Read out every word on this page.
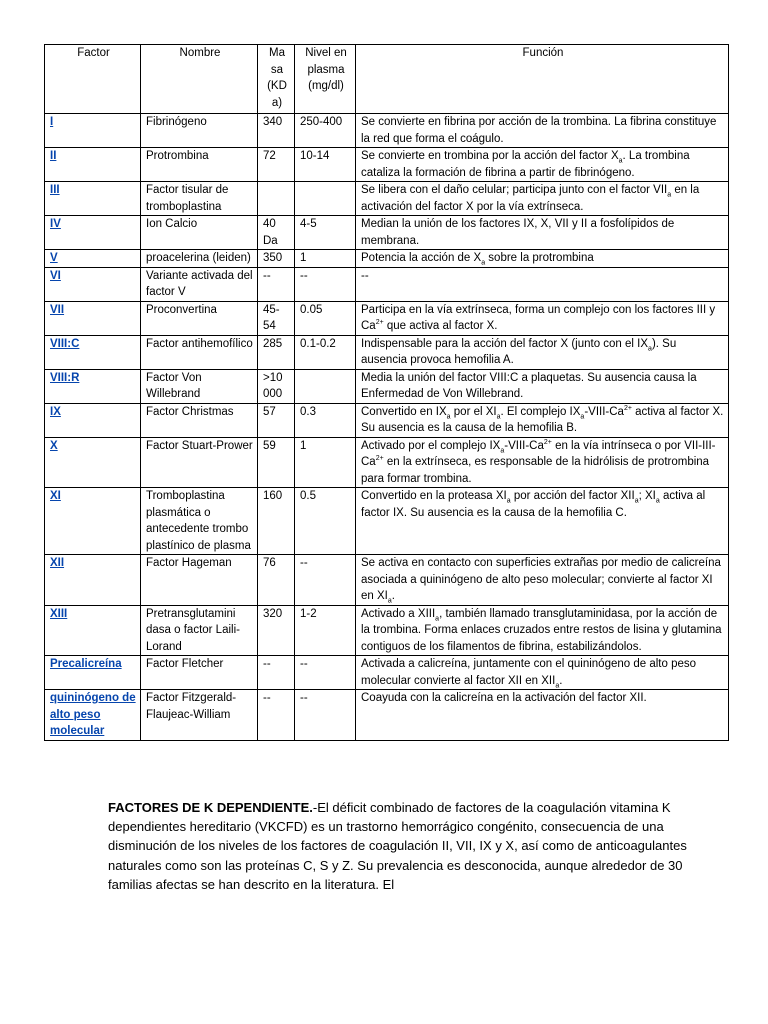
Factor	Nombre	Ma sa (KD a)	Nivel en plasma (mg/dl)	Función
I	Fibrinógeno	340	250-400	Se convierte en fibrina por acción de la trombina. La fibrina constituye la red que forma el coágulo.
II	Protrombina	72	10-14	Se convierte en trombina por la acción del factor $X_a$. La trombina cataliza la formación de fibrina a partir de fibrinógeno.
III	Factor tisular de tromboplastina			Se libera con el daño celular; participa junto con el factor $VII_a$ en la activación del factor X por la vía extrínseca.
IV	Ion Calcio	40 Da	4-5	Median la unión de los factores IX, X, VII y II a fosfolípidos de membrana.
V	proacelerina (leiden)	350	1	Potencia la acción de $X_a$ sobre la protrombina
VI	Variante activada del factor V	--	--	--
VII	Proconvertina	45-54	0.05	Participa en la vía extrínseca, forma un complejo con los factores III y $Ca^{2+}$ que activa al factor X.
VIII:C	Factor antihemofílico	285	0.1-0.2	Indispensable para la acción del factor X (junto con el $IX_a$). Su ausencia provoca hemofilia A.
VIII:R	Factor Von Willebrand	>10 000		Media la unión del factor VIII:C a plaquetas. Su ausencia causa la Enfermedad de Von Willebrand.
IX	Factor Christmas	57	0.3	Convertido en $IX_a$ por el $XI_a$. El complejo $IX_a-VIII-Ca^{2+}$ activa al factor X. Su ausencia es la causa de la hemofilia B.
X	Factor Stuart-Prower	59	1	Activado por el complejo $IX_a-VIII-Ca^{2+}$ en la vía intrínseca o por VII-$III-Ca^{2+}$ en la extrínseca, es responsable de la hidrólisis de protrombina para formar trombina.
XI	Tromboplastina plasmática o antecedente trombo plastínico de plasma	160	0.5	Convertido en la proteasa $XI_a$ por acción del factor $XII_a$; $XI_a$ activa al factor IX. Su ausencia es la causa de la hemofilia C.
XII	Factor Hageman	76	--	Se activa en contacto con superficies extrañas por medio de calicreína asociada a quininógeno de alto peso molecular; convierte al factor XI en $XI_a$.
XIII	Pretransglutamini dasa o factor Laili-Lorand	320	1-2	Activado a $XIII_a$, también llamado transglutaminidasa, por la acción de la trombina. Forma enlaces cruzados entre restos de lisina y glutamina contiguos de los filamentos de fibrina, estabilizándolos.
Precalicreína	Factor Fletcher	--	--	Activada a calicreína, juntamente con el quininógeno de alto peso molecular convierte al factor XII en $XII_a$.
quininógeno de alto peso molecular	Factor Fitzgerald-Flaujeac-William	--	--	Coayuda con la calicreína en la activación del factor XII.
FACTORES DE K DEPENDIENTE.-El déficit combinado de factores de la coagulación vitamina K dependientes hereditario (VKCFD) es un trastorno hemorrágico congénito, consecuencia de una disminución de los niveles de los factores de coagulación II, VII, IX y X, así como de anticoagulantes naturales como son las proteínas C, S y Z. Su prevalencia es desconocida, aunque alrededor de 30 familias afectas se han descrito en la literatura. El
